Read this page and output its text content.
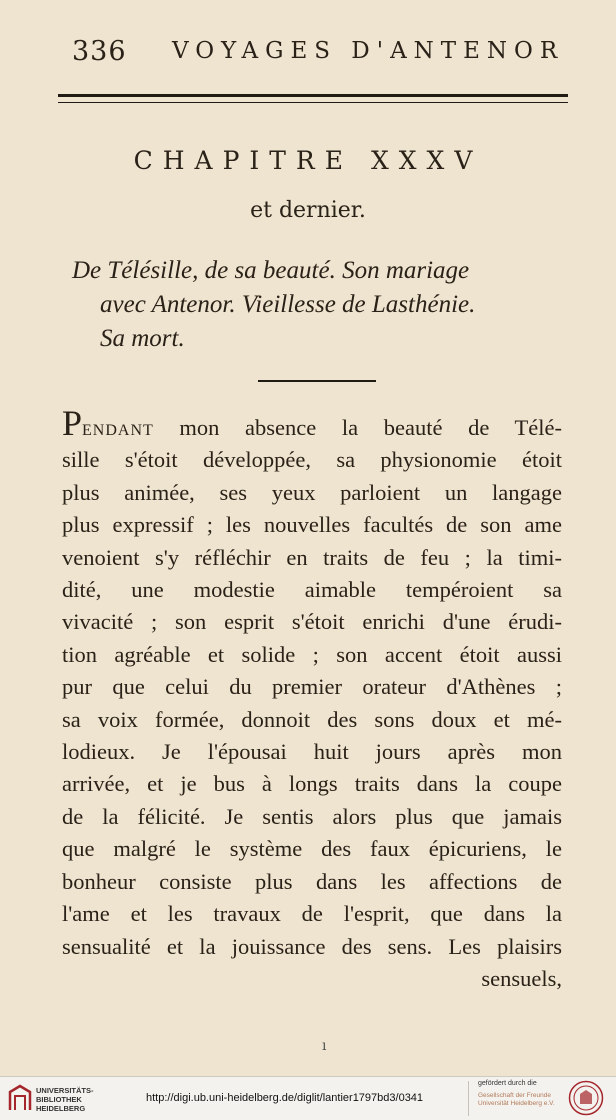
336 VOYAGES D'ANTENOR
CHAPITRE XXXV
et dernier.
De Télésille, de sa beauté. Son mariage
avec Antenor. Vieillesse de Lasthénie.
Sa mort.
Pendant mon absence la beauté de Télé-
sille s'étoit développée, sa physionomie étoit
plus animée, ses yeux parloient un langage
plus expressif ; les nouvelles facultés de son ame
venoient s'y réfléchir en traits de feu ; la timi-
dité, une modestie aimable tempéroient sa
vivacité ; son esprit s'étoit enrichi d'une érudi-
tion agréable et solide ; son accent étoit aussi
pur que celui du premier orateur d'Athènes ;
sa voix formée, donnoit des sons doux et mé-
lodieux. Je l'épousai huit jours après mon
arrivée, et je bus à longs traits dans la coupe
de la félicité. Je sentis alors plus que jamais
que malgré le système des faux épicuriens, le
bonheur consiste plus dans les affections de
l'ame et les travaux de l'esprit, que dans la
sensualité et la jouissance des sens. Les plaisirs
sensuels,
ı
UNIVERSITÄTS-
BIBLIOTHEK
HEIDELBERG
http://digi.ub.uni-heidelberg.de/diglit/lantier1797bd3/0341
gefördert durch die
Gesellschaft der Freunde
Universität Heidelberg e.V.
